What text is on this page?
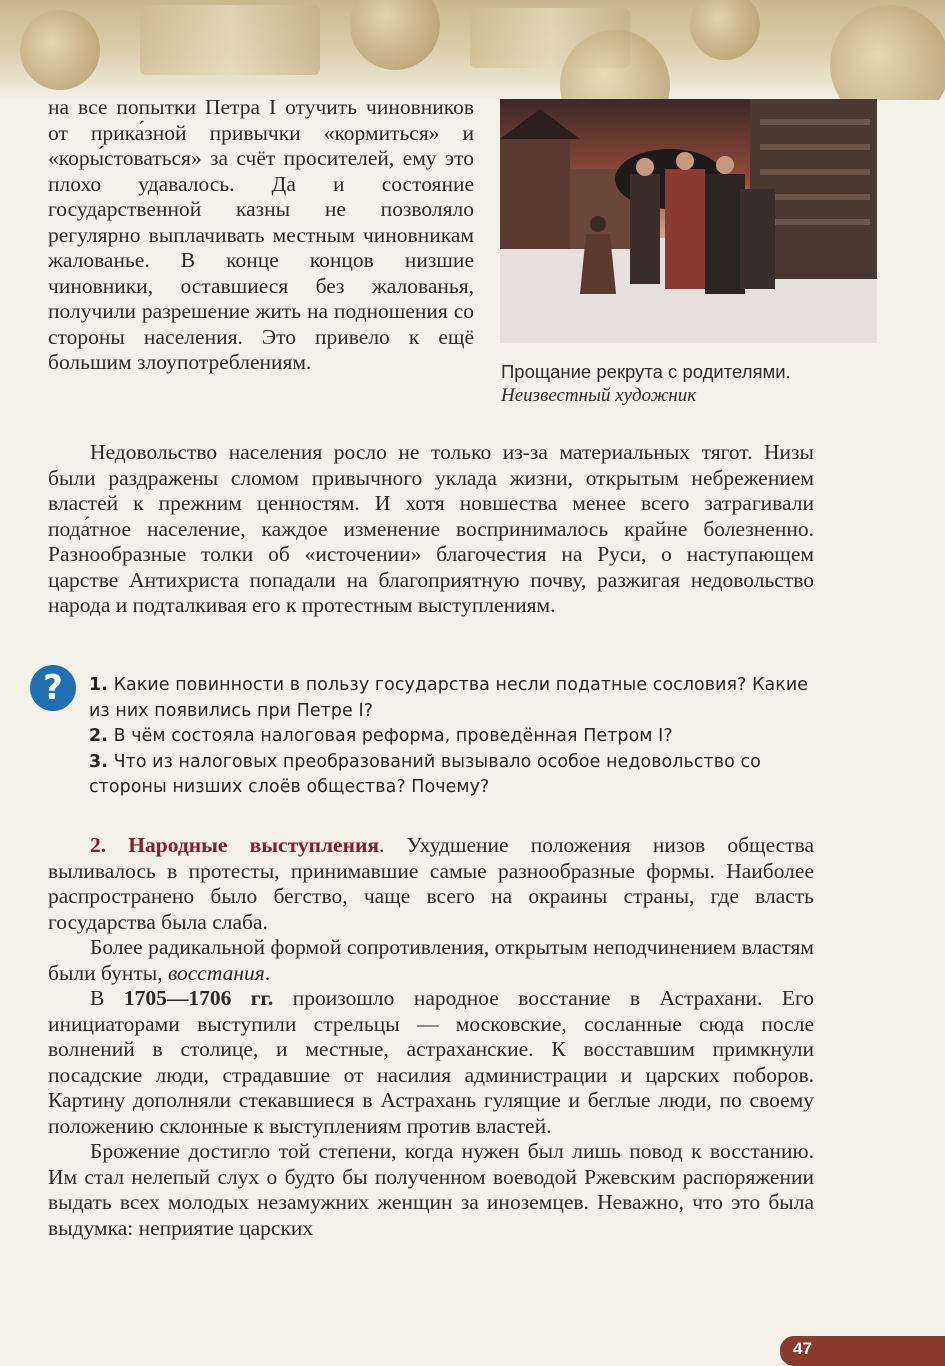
на все попытки Петра I отучить чиновников от прика́зной привычки «кормиться» и «коры́стоваться» за счёт просителей, ему это плохо удавалось. Да и состояние государственной казны не позволяло регулярно выплачивать местным чиновникам жалованье. В конце концов низшие чиновники, оставшиеся без жалованья, получили разрешение жить на подношения со стороны населения. Это привело к ещё большим злоупотреблениям.	Прощание рекрута с родителями.
Неизвестный художник

Недовольство населения росло не только из-за материальных тягот. Низы были раздражены сломом привычного уклада жизни, открытым небрежением властей к прежним ценностям. И хотя новшества менее всего затрагивали пода́тное население, каждое изменение воспринималось крайне болезненно. Разнообразные толки об «источении» благочестия на Руси, о наступающем царстве Антихриста попадали на благоприятную почву, разжигая недовольство народа и подталкивая его к протестным выступлениям.

?	1. Какие повинности в пользу государства несли податные сословия? Какие из них появились при Петре I?

2. В чём состояла налоговая реформа, проведённая Петром I?

3. Что из налоговых преобразований вызывало особое недовольство со стороны низших слоёв общества? Почему?

2. Народные выступления. Ухудшение положения низов общества выливалось в протесты, принимавшие самые разнообразные формы. Наиболее распространено было бегство, чаще всего на окраины страны, где власть государства была слаба.

Более радикальной формой сопротивления, открытым неподчинением властям были бунты, восстания.

В 1705—1706 гг. произошло народное восстание в Астрахани. Его инициаторами выступили стрельцы — московские, сосланные сюда после волнений в столице, и местные, астраханские. К восставшим примкнули посадские люди, страдавшие от насилия администрации и царских поборов. Картину дополняли стекавшиеся в Астрахань гулящие и беглые люди, по своему положению склонные к выступлениям против властей.

Брожение достигло той степени, когда нужен был лишь повод к восстанию. Им стал нелепый слух о будто бы полученном воеводой Ржевским распоряжении выдать всех молодых незамужних женщин за иноземцев. Неважно, что это была выдумка: неприятие царских

47
